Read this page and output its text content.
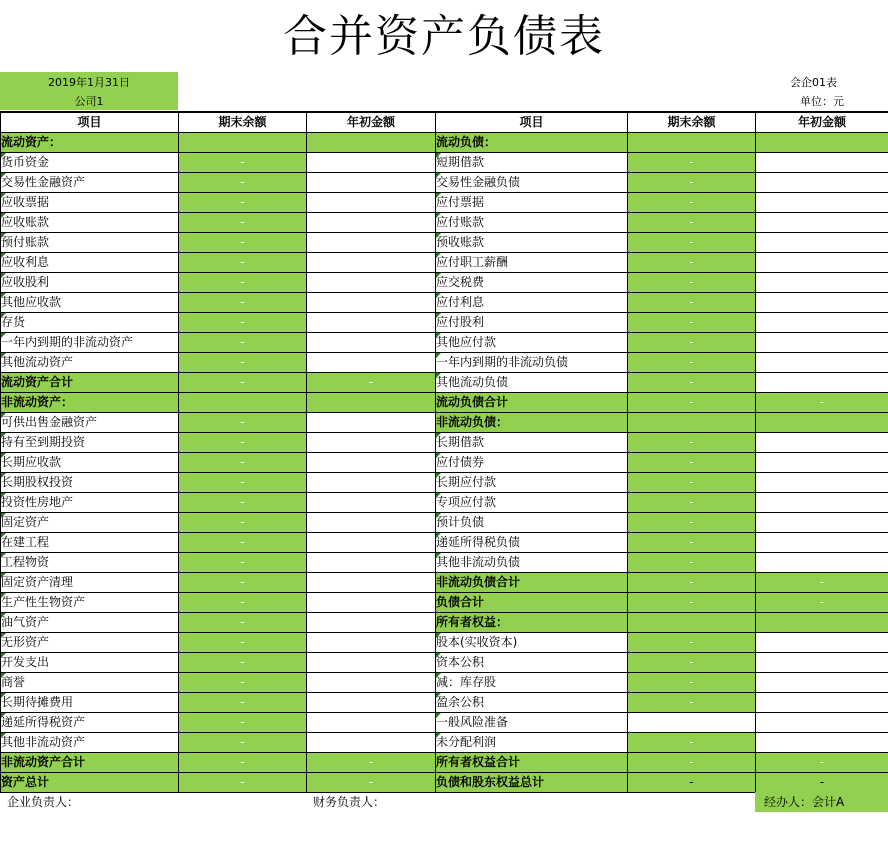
合并资产负债表
2019年1月31日
公司1
会企01表
单位：元
项目	期末余额	年初金额	项目	期末余额	年初金额
流动资产：			流动负债：		

货币资金	-		短期借款	-	

交易性金融资产	-		交易性金融负债	-	

应收票据	-		应付票据	-	

应收账款	-		应付账款	-	

预付账款	-		预收账款	-	

应收利息	-		应付职工薪酬	-	

应收股利	-		应交税费	-	

其他应收款	-		应付利息	-	

存货	-		应付股利	-	

一年内到期的非流动资产	-		其他应付款	-	

其他流动资产	-		一年内到期的非流动负债	-	
流动资产合计	-	-	其他流动负债	-	
非流动资产：			流动负债合计	-	-

可供出售金融资产	-		非流动负债：		

持有至到期投资	-		长期借款	-	

长期应收款	-		应付债券	-	

长期股权投资	-		长期应付款	-	

投资性房地产	-		专项应付款	-	

固定资产	-		预计负债	-	

在建工程	-		递延所得税负债	-	

工程物资	-		其他非流动负债	-	

固定资产清理	-		非流动负债合计	-	-

生产性生物资产	-		负债合计	-	-

油气资产	-		所有者权益：		

无形资产	-		股本(实收资本)	-	

开发支出	-		资本公积	-	

商誉	-		减：库存股	-	

长期待摊费用	-		盈余公积	-	

递延所得税资产	-		一般风险准备		

其他非流动资产	-		未分配利润	-	
非流动资产合计	-	-	所有者权益合计	-	-
资产总计	-	-	负债和股东权益总计	-	-
企业负责人：	财务负责人：	经办人：会计A
